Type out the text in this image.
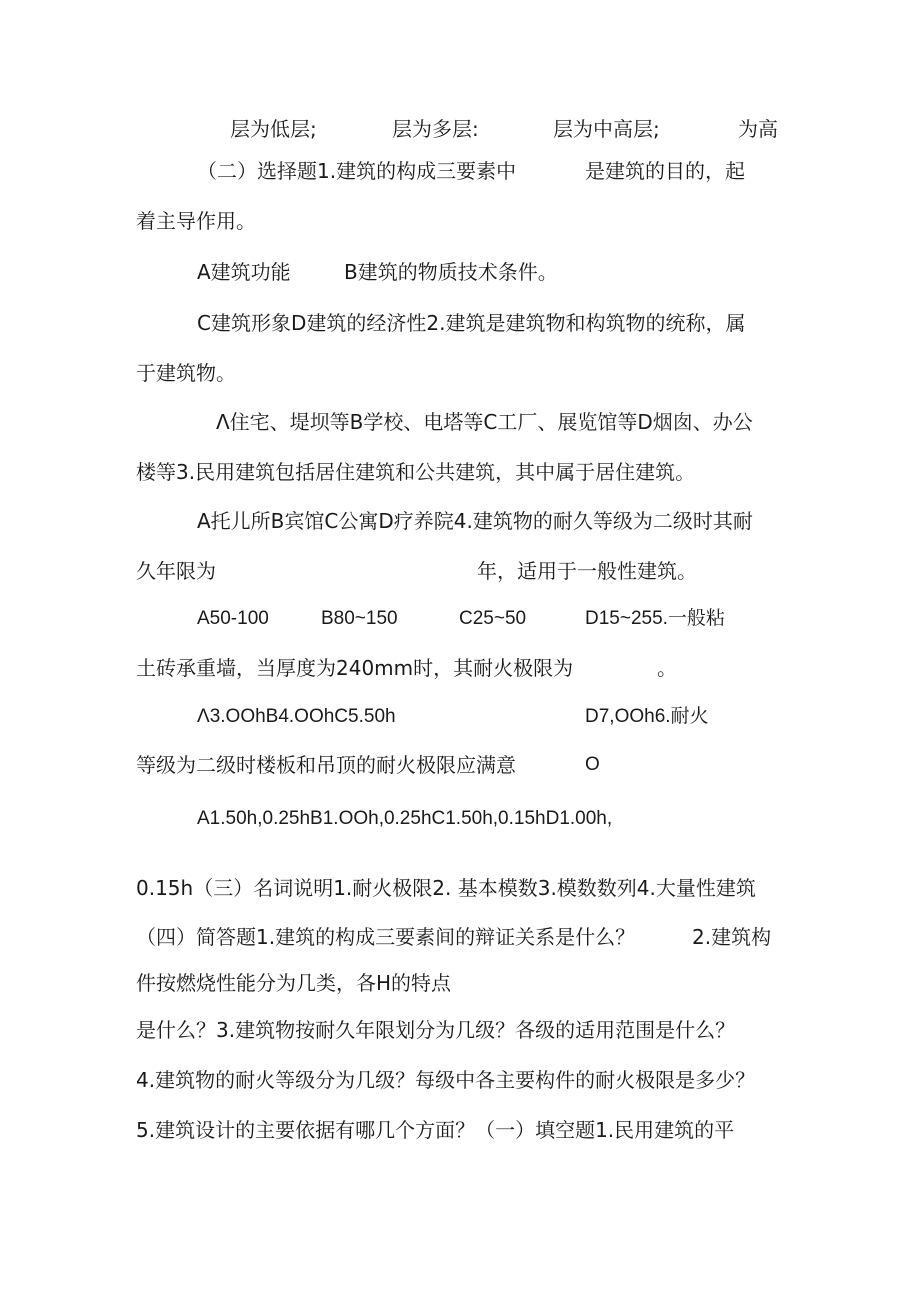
层为低层;	层为多层:	层为中高层;	为高
（二）选择题1.建筑的构成三要素中	是建筑的目的，起
着主导作用。
A建筑功能	B建筑的物质技术条件。
C建筑形象D建筑的经济性2.建筑是建筑物和构筑物的统称，属
于建筑物。
Λ住宅、堤坝等B学校、电塔等C工厂、展览馆等D烟囱、办公
楼等3.民用建筑包括居住建筑和公共建筑，其中属于居住建筑。
A托儿所B宾馆C公寓D疗养院4.建筑物的耐久等级为二级时其耐
久年限为	年，适用于一般性建筑。
A50-100	B80~150	C25~50	D15~255.一般粘
土砖承重墙，当厚度为240mm时，其耐火极限为	。
Λ3.OOhB4.OOhC5.50h	D7,OOh6.耐火
等级为二级时楼板和吊顶的耐火极限应满意	O
A1.50h,0.25hB1.OOh,0.25hC1.50h,0.15hD1.00h,
0.15h（三）名词说明1.耐火极限2. 基本模数3.模数数列4.大量性建筑
（四）简答题1.建筑的构成三要素间的辩证关系是什么？	2.建筑构
件按燃烧性能分为几类，各H的特点
是什么？3.建筑物按耐久年限划分为几级？各级的适用范围是什么？
4.建筑物的耐火等级分为几级？每级中各主要构件的耐火极限是多少？
5.建筑设计的主要依据有哪几个方面？（一）填空题1.民用建筑的平
